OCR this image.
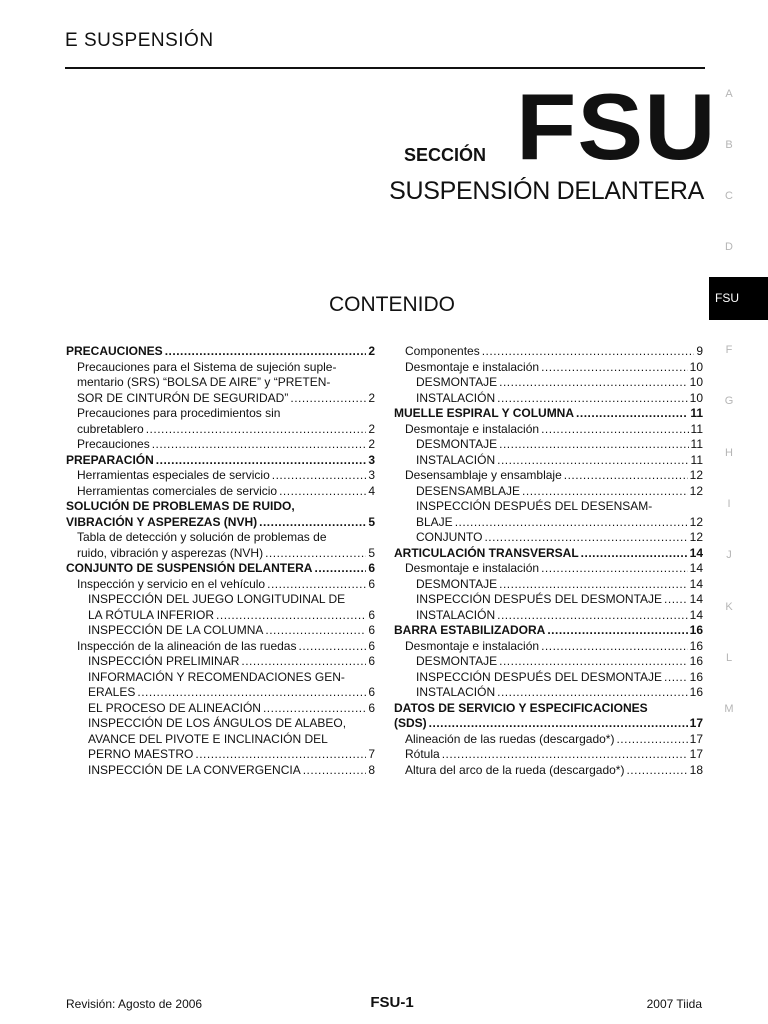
E SUSPENSIÓN
SECCIÓN FSU
SUSPENSIÓN DELANTERA
CONTENIDO
A
B
C
D
FSU
F
G
H
I
J
K
L
M
PRECAUCIONES .....	2
Precauciones para el Sistema de sujeción suple-
mentario (SRS) “BOLSA DE AIRE” y “PRETEN-
SOR DE CINTURÓN DE SEGURIDAD” .....	2
Precauciones para procedimientos sin
cubretablero .....	2
Precauciones .....	2
PREPARACIÓN .....	3
Herramientas especiales de servicio .....	3
Herramientas comerciales de servicio .....	4
SOLUCIÓN DE PROBLEMAS DE RUIDO,
VIBRACIÓN Y ASPEREZAS (NVH) .....	5
Tabla de detección y solución de problemas de
ruido, vibración y asperezas (NVH) .....	5
CONJUNTO DE SUSPENSIÓN DELANTERA .....	6
Inspección y servicio en el vehículo .....	6
INSPECCIÓN DEL JUEGO LONGITUDINAL DE
LA RÓTULA INFERIOR .....	6
INSPECCIÓN DE LA COLUMNA .....	6
Inspección de la alineación de las ruedas .....	6
INSPECCIÓN PRELIMINAR .....	6
INFORMACIÓN Y RECOMENDACIONES GEN-
ERALES .....	6
EL PROCESO DE ALINEACIÓN .....	6
INSPECCIÓN DE LOS ÁNGULOS DE ALABEO,
AVANCE DEL PIVOTE E INCLINACIÓN DEL
PERNO MAESTRO .....	7
INSPECCIÓN DE LA CONVERGENCIA .....	8
Componentes .....	9
Desmontaje e instalación .....	10
DESMONTAJE .....	10
INSTALACIÓN .....	10
MUELLE ESPIRAL Y COLUMNA .....	11
Desmontaje e instalación .....	11
DESMONTAJE .....	11
INSTALACIÓN .....	11
Desensamblaje y ensamblaje .....	12
DESENSAMBLAJE .....	12
INSPECCIÓN DESPUÉS DEL DESENSAM-
BLAJE .....	12
CONJUNTO .....	12
ARTICULACIÓN TRANSVERSAL .....	14
Desmontaje e instalación .....	14
DESMONTAJE .....	14
INSPECCIÓN DESPUÉS DEL DESMONTAJE ..... 14
INSTALACIÓN .....	14
BARRA ESTABILIZADORA .....	16
Desmontaje e instalación .....	16
DESMONTAJE .....	16
INSPECCIÓN DESPUÉS DEL DESMONTAJE ..... 16
INSTALACIÓN .....	16
DATOS DE SERVICIO Y ESPECIFICACIONES
(SDS) .....	17
Alineación de las ruedas (descargado*) .....	17
Rótula .....	17
Altura del arco de la rueda (descargado*) .....	18
Revisión: Agosto de 2006	FSU-1	2007 Tiida
